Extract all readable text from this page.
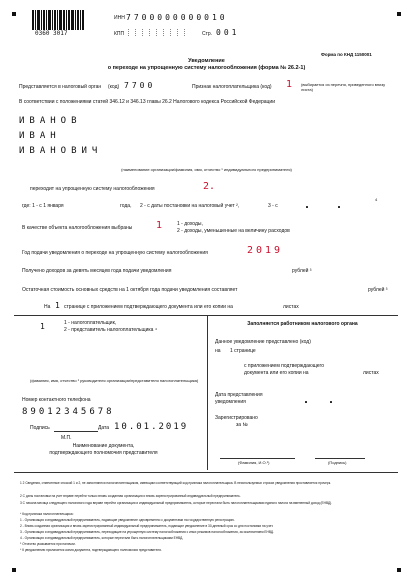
0360 3017
ИНН 7700000000010
КПП	Стр. 001
Форма по КНД 1150001
Уведомление
о переходе на упрощенную систему налогообложения (форма № 26.2-1)
Представляется в налоговый орган (код) 7700	Признак налогоплательщика (код) 1 (выбирается из перечня, приведенного внизу листа)
В соответствии с положениями статей 346.12 и 346.13 главы 26.2 Налогового кодекса Российской Федерации
ИВАНОВ
ИВАН
ИВАНОВИЧ
(наименование организации/фамилия, имя, отчество ¹ индивидуального предпринимателя)
переходит на упрощенную систему налогообложения	2.
где: 1 - с 1 января	года, 2 - с даты постановки на налоговый учет ²,	3 - с
4
В качестве объекта налогообложения выбраны 1	1 - доходы,
2 - доходы, уменьшенные на величину расходов
Год подачи уведомления о переходе на упрощенную систему налогообложения	2019
Получено доходов за девять месяцев года подачи уведомления	рублей ³
Остаточная стоимость основных средств на 1 октября года подачи уведомления составляет	рублей ³
На 1 странице с приложением подтверждающего документа или его копии на	листах
1	1 - налогоплательщик,
2 - представитель налогоплательщика ⁴
(фамилия, имя, отчество ¹ руководителя организации/представителя налогоплательщика)
Номер контактного телефона
89012345678
Подпись	Дата 10.01.2019
М.П.
Наименование документа,
подтверждающего полномочия представителя
Заполняется работником налогового органа
Данное уведомление представлено (код)
на 1 странице
с приложением подтверждающего
документа или его копии на	листах
Дата представления
уведомления
Зарегистрировано
за №
(Фамилия, И.О.¹)	(Подпись)
1 2 Сведения, отмеченные сноской 1 и 2, не заполняются налогоплательщиком, имеющим соответствующий код признака налогоплательщика. В неиспользуемых строках уведомления проставляется прочерк.
2 С даты постановки на учет вправе перейти только вновь созданная организация и вновь зарегистрированный индивидуальный предприниматель.
3 С начала месяца следующего налогового года вправе перейти организация и индивидуальный предприниматель, которые перестали быть налогоплательщиками единого налога на вмененный доход (ЕНВД).
⁴ Код признака налогоплательщика:
1 - Организация и индивидуальный предприниматель, подающие уведомление одновременно с документами на государственную регистрацию.
2 - Вновь созданная организация и вновь зарегистрированный индивидуальный предприниматель, подающие уведомление в 30-дневный срок со дня постановки на учет.
3 - Организация и индивидуальный предприниматель, переходящие на упрощенную систему налогообложения с иных режимов налогообложения, за исключением ЕНВД.
4 - Организация и индивидуальный предприниматель, которые перестали быть налогоплательщиками ЕНВД.
⁵ Отчество указывается при наличии.
⁶ К уведомлению прилагается копия документа, подтверждающего полномочия представителя.
